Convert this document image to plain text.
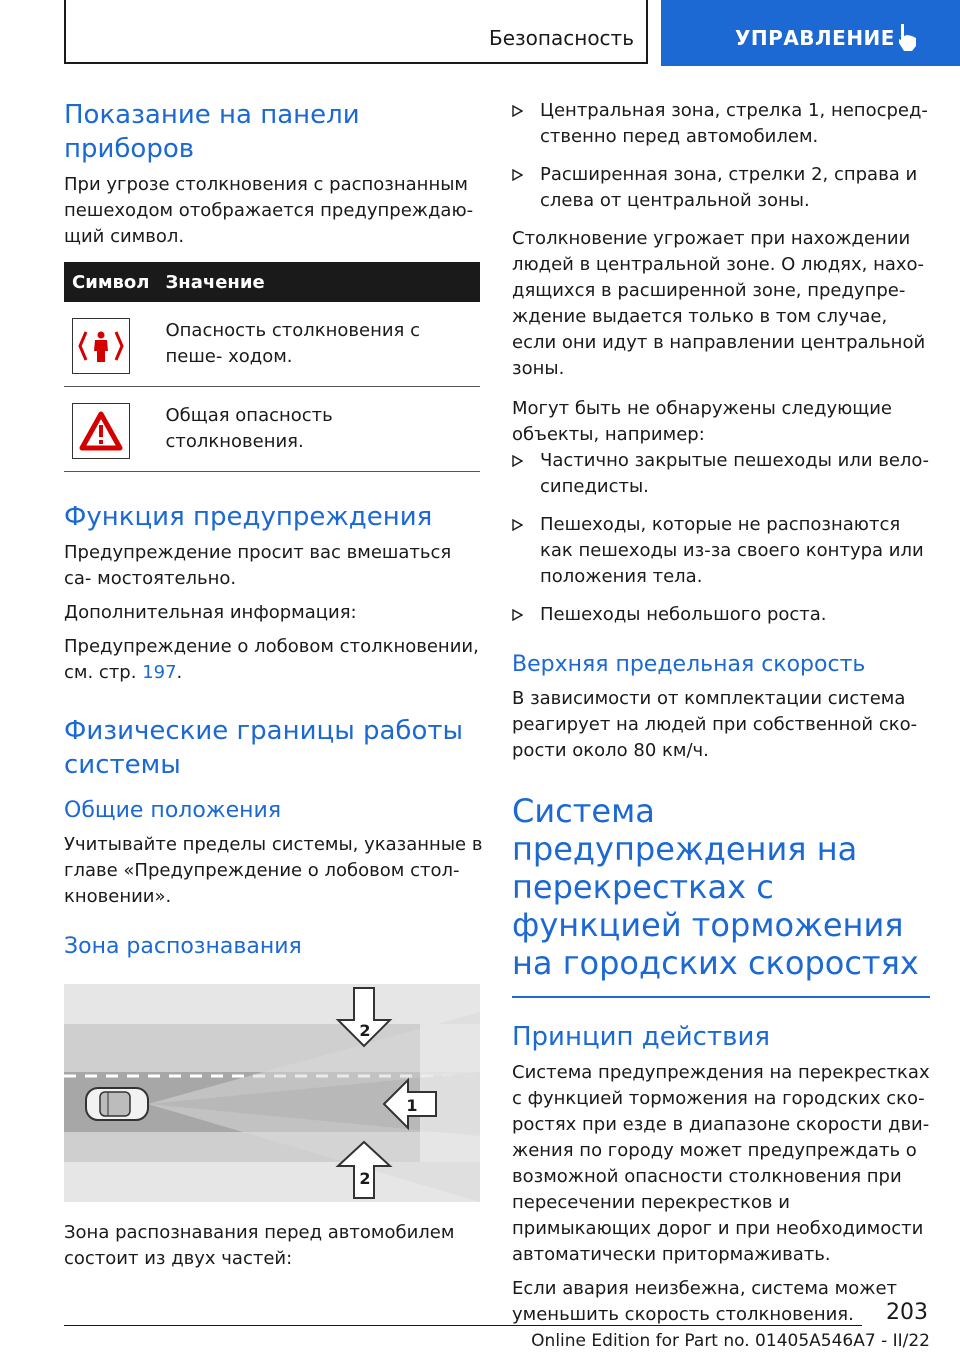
Безопасность	УПРАВЛЕНИЕ
Показание на панели приборов

При угрозе столкновения с распознанным пешеходом отображается предупреждаю- щий символ.

Символ	Значение

	Опасность столкновения с пеше- ходом.

	Общая опасность столкновения.
Функция предупреждения

Предупреждение просит вас вмешаться са- мостоятельно.

Дополнительная информация:

Предупреждение о лобовом столкновении, см. стр. 197.

Физические границы работы системы
Общие положения

Учитывайте пределы системы, указанные в главе «Предупреждение о лобовом стол- кновении».

Зона распознавания
2
1
2

Зона распознавания перед автомобилем состоит из двух частей:

Центральная зона, стрелка 1, непосред- ственно перед автомобилем.
Расширенная зона, стрелки 2, справа и слева от центральной зоны.

Столкновение угрожает при нахождении людей в центральной зоне. О людях, нахо- дящихся в расширенной зоне, предупре- ждение выдается только в том случае, если они идут в направлении центральной зоны.

Могут быть не обнаружены следующие объекты, например:

Частично закрытые пешеходы или вело- сипедисты.
Пешеходы, которые не распознаются как пешеходы из-за своего контура или положения тела.
Пешеходы небольшого роста.
Верхняя предельная скорость

В зависимости от комплектации система реагирует на людей при собственной ско- рости около 80 км/ч.

Система предупреждения на перекрестках с функцией торможения на городских скоростях
Принцип действия

Система предупреждения на перекрестках с функцией торможения на городских ско- ростях при езде в диапазоне скорости дви- жения по городу может предупреждать о возможной опасности столкновения при пересечении перекрестков и примыкающих дорог и при необходимости автоматически притормаживать.

Если авария неизбежна, система может уменьшить скорость столкновения.	203
Online Edition for Part no. 01405A546A7 - II/22
